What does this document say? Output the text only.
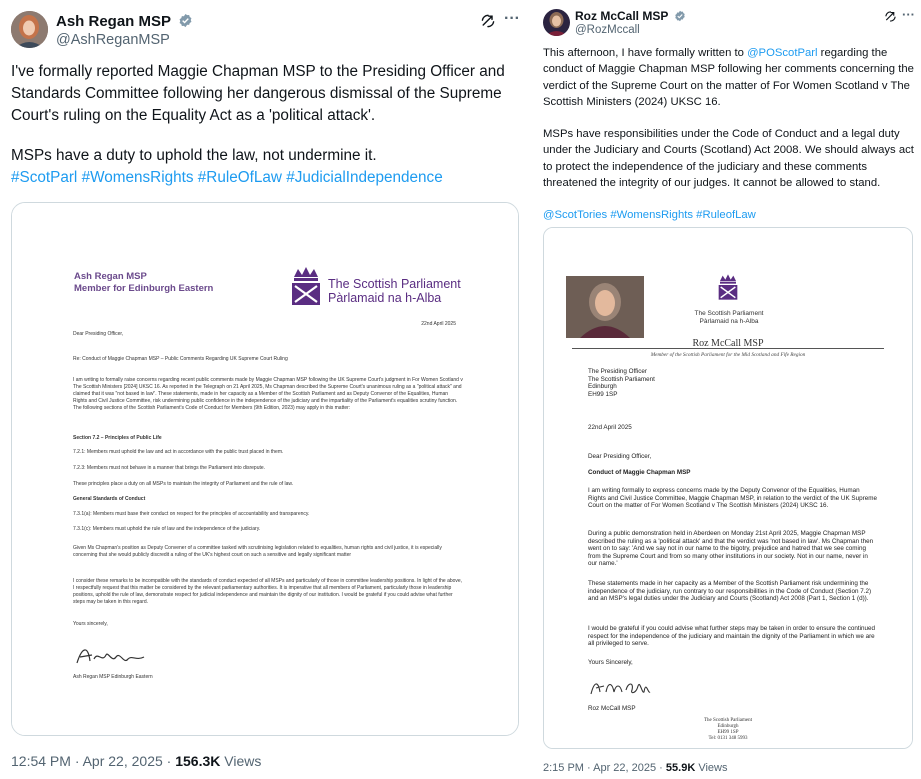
Ash Regan MSP
@AshReganMSP
···

I've formally reported Maggie Chapman MSP to the Presiding Officer and Standards Committee following her dangerous dismissal of the Supreme Court's ruling on the Equality Act as a 'political attack'.

MSPs have a duty to uphold the law, not undermine it.

#ScotParl #WomensRights #RuleOfLaw #JudicialIndependence

Ash Regan MSP
Member for Edinburgh Eastern	The Scottish Parliament
Pàrlamaid na h-Alba
22nd April 2025
Dear Presiding Officer,
Re: Conduct of Maggie Chapman MSP – Public Comments Regarding UK Supreme Court Ruling
I am writing to formally raise concerns regarding recent public comments made by Maggie Chapman MSP following the UK Supreme Court's judgment in For Women Scotland v The Scottish Ministers [2024] UKSC 16. As reported in the Telegraph on 21 April 2025, Ms Chapman described the Supreme Court's unanimous ruling as a "political attack" and claimed that it was "not based in law". These statements, made in her capacity as a Member of the Scottish Parliament and as Deputy Convenor of the Equalities, Human Rights and Civil Justice Committee, risk undermining public confidence in the independence of the judiciary and the impartiality of the Parliament's equalities scrutiny function. The following sections of the Scottish Parliament's Code of Conduct for Members (9th Edition, 2023) may apply in this matter:
Section 7.2 – Principles of Public Life
7.2.1: Members must uphold the law and act in accordance with the public trust placed in them.
7.2.3: Members must not behave in a manner that brings the Parliament into disrepute.
These principles place a duty on all MSPs to maintain the integrity of Parliament and the rule of law.
General Standards of Conduct
7.3.1(a): Members must base their conduct on respect for the principles of accountability and transparency.
7.3.1(c): Members must uphold the rule of law and the independence of the judiciary.
Given Ms Chapman's position as Deputy Convener of a committee tasked with scrutinising legislation related to equalities, human rights and civil justice, it is especially concerning that she would publicly discredit a ruling of the UK's highest court on such a sensitive and legally significant matter
I consider these remarks to be incompatible with the standards of conduct expected of all MSPs and particularly of those in committee leadership positions. In light of the above, I respectfully request that this matter be considered by the relevant parliamentary authorities. It is imperative that all members of Parliament, particularly those in leadership positions, uphold the rule of law, demonstrate respect for judicial independence and maintain the dignity of our institution. I would be grateful if you could advise what further steps may be taken in this regard.
Yours sincerely,
Ash Regan MSP Edinburgh Eastern
12:54 PM · Apr 22, 2025 · 156.3K Views
Roz McCall MSP
@RozMccall
···

This afternoon, I have formally written to @POScotParl regarding the conduct of Maggie Chapman MSP following her comments concerning the verdict of the Supreme Court on the matter of For Women Scotland v The Scottish Ministers (2024) UKSC 16.

MSPs have responsibilities under the Code of Conduct and a legal duty under the Judiciary and Courts (Scotland) Act 2008. We should always act to protect the independence of the judiciary and these comments threatened the integrity of our judges. It cannot be allowed to stand.

@ScotTories #WomensRights #RuleofLaw

The Scottish Parliament
Pàrlamaid na h-Alba
Roz McCall MSP
Member of the Scottish Parliament for the Mid Scotland and Fife Region
The Presiding Officer
The Scottish Parliament
Edinburgh
EH99 1SP
22nd April 2025
Dear Presiding Officer,
Conduct of Maggie Chapman MSP
I am writing formally to express concerns made by the Deputy Convenor of the Equalities, Human Rights and Civil Justice Committee, Maggie Chapman MSP, in relation to the verdict of the UK Supreme Court on the matter of For Women Scotland v The Scottish Ministers (2024) UKSC 16.
During a public demonstration held in Aberdeen on Monday 21st April 2025, Maggie Chapman MSP described the ruling as a 'political attack' and that the verdict was 'not based in law'. Ms Chapman then went on to say: 'And we say not in our name to the bigotry, prejudice and hatred that we see coming from the Supreme Court and from so many other institutions in our society. Not in our name, never in our name.'
These statements made in her capacity as a Member of the Scottish Parliament risk undermining the independence of the judiciary, run contrary to our responsibilities in the Code of Conduct (Section 7.2) and an MSP's legal duties under the Judiciary and Courts (Scotland) Act 2008 (Part 1, Section 1 (d)).
I would be grateful if you could advise what further steps may be taken in order to ensure the continued respect for the independence of the judiciary and maintain the dignity of the Parliament in which we are all privileged to serve.
Yours Sincerely,
Roz McCall MSP
The Scottish Parliament
Edinburgh
EH99 1SP
Tel: 0131 348 5993
2:15 PM · Apr 22, 2025 · 55.9K Views
